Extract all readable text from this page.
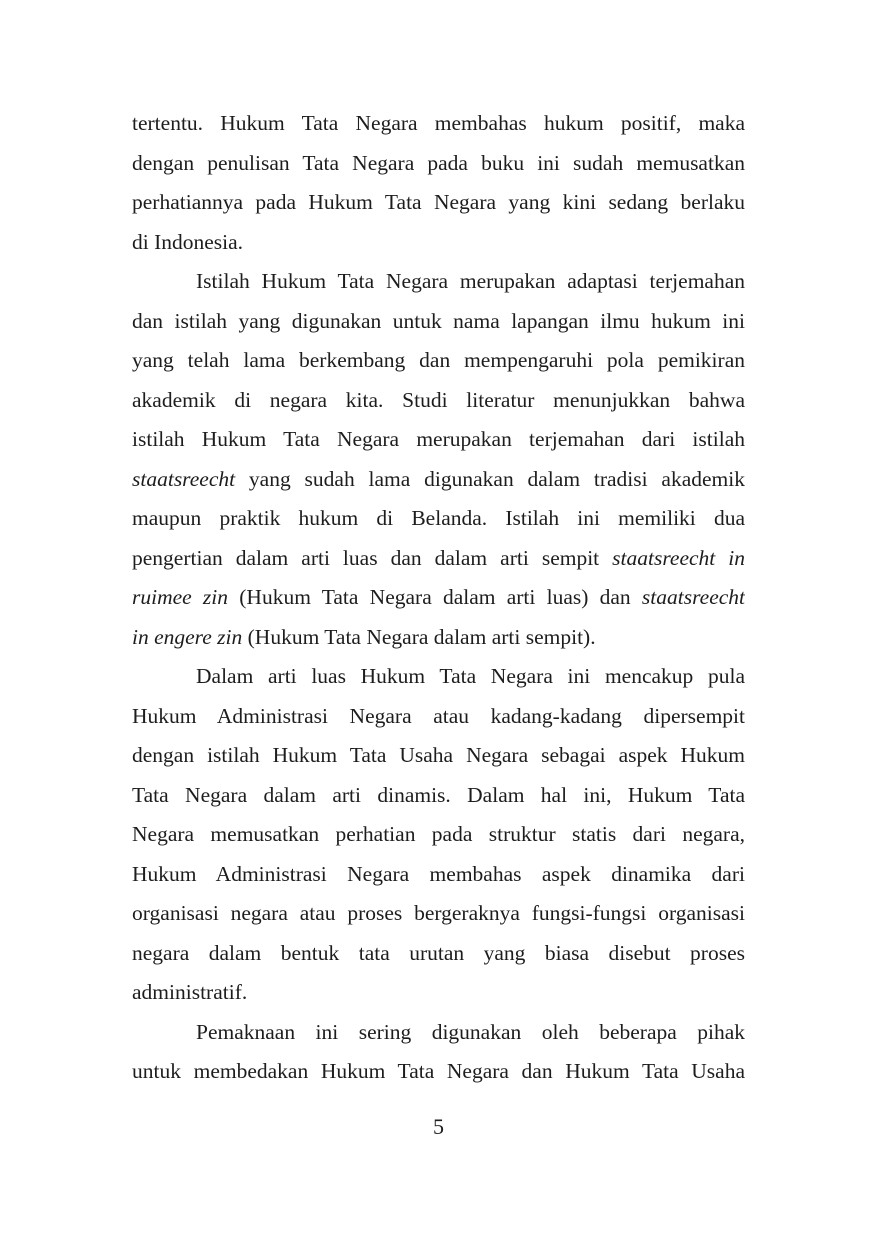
tertentu. Hukum Tata Negara membahas hukum positif, maka
dengan penulisan Tata Negara pada buku ini sudah memusatkan
perhatiannya pada Hukum Tata Negara yang kini sedang berlaku
di Indonesia.
Istilah Hukum Tata Negara merupakan adaptasi terjemahan
dan istilah yang digunakan untuk nama lapangan ilmu hukum ini
yang telah lama berkembang dan mempengaruhi pola pemikiran
akademik di negara kita. Studi literatur menunjukkan bahwa
istilah Hukum Tata Negara merupakan terjemahan dari istilah
staatsreecht yang sudah lama digunakan dalam tradisi akademik
maupun praktik hukum di Belanda. Istilah ini memiliki dua
pengertian dalam arti luas dan dalam arti sempit staatsreecht in
ruimee zin (Hukum Tata Negara dalam arti luas) dan staatsreecht
in engere zin (Hukum Tata Negara dalam arti sempit).
Dalam arti luas Hukum Tata Negara ini mencakup pula
Hukum Administrasi Negara atau kadang-kadang dipersempit
dengan istilah Hukum Tata Usaha Negara sebagai aspek Hukum
Tata Negara dalam arti dinamis. Dalam hal ini, Hukum Tata
Negara memusatkan perhatian pada struktur statis dari negara,
Hukum Administrasi Negara membahas aspek dinamika dari
organisasi negara atau proses bergeraknya fungsi-fungsi organisasi
negara dalam bentuk tata urutan yang biasa disebut proses
administratif.
Pemaknaan ini sering digunakan oleh beberapa pihak
untuk membedakan Hukum Tata Negara dan Hukum Tata Usaha
5
